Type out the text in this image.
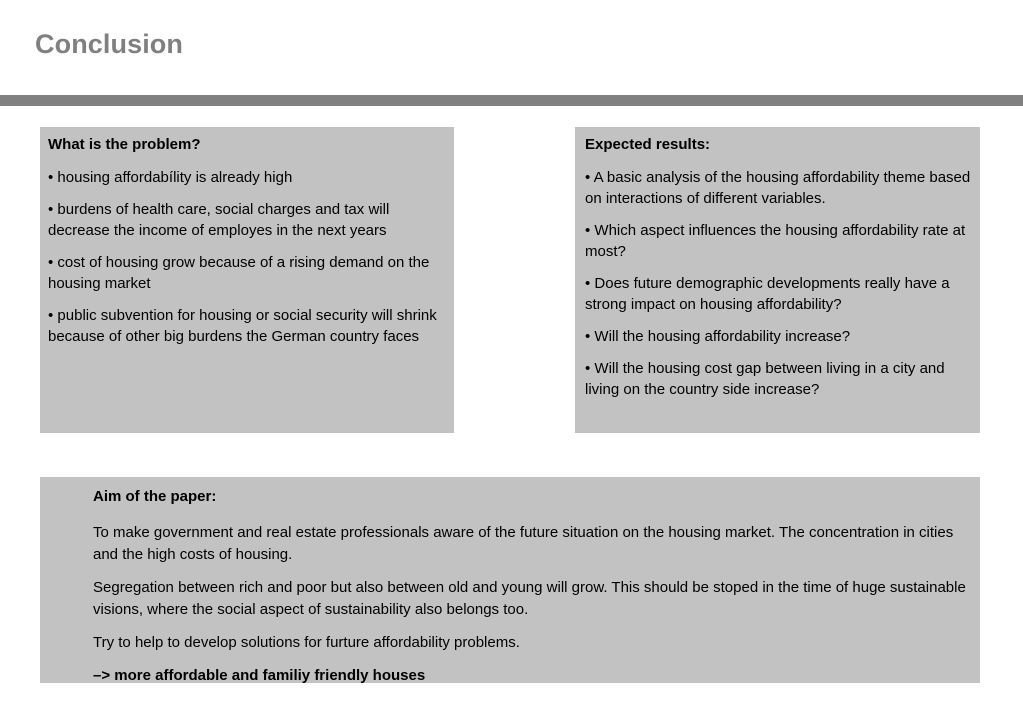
Conclusion
What is the problem?
• housing affordabílity is already high
• burdens of health care, social charges and tax will decrease the income of employes in the next years
• cost of housing grow because of a rising demand on the housing market
• public subvention for housing or social security will shrink because of other big burdens the German country faces
Expected results:
• A basic analysis of the housing affordability theme based on interactions of different variables.
• Which aspect influences the housing affordability rate at most?
• Does future demographic developments really have a strong impact on housing affordability?
• Will the housing affordability increase?
• Will the housing cost gap between living in a city and living on the country side increase?
Aim of the paper:
To make government and real estate professionals aware of the future situation on the housing market. The concentration in cities and the high costs of housing.
Segregation between rich and poor but also between old and young will grow. This should be stoped in the time of huge sustainable visions, where the social aspect of sustainability also belongs too.
Try to help to develop solutions for furture affordability problems.
–> more affordable and familiy friendly houses
